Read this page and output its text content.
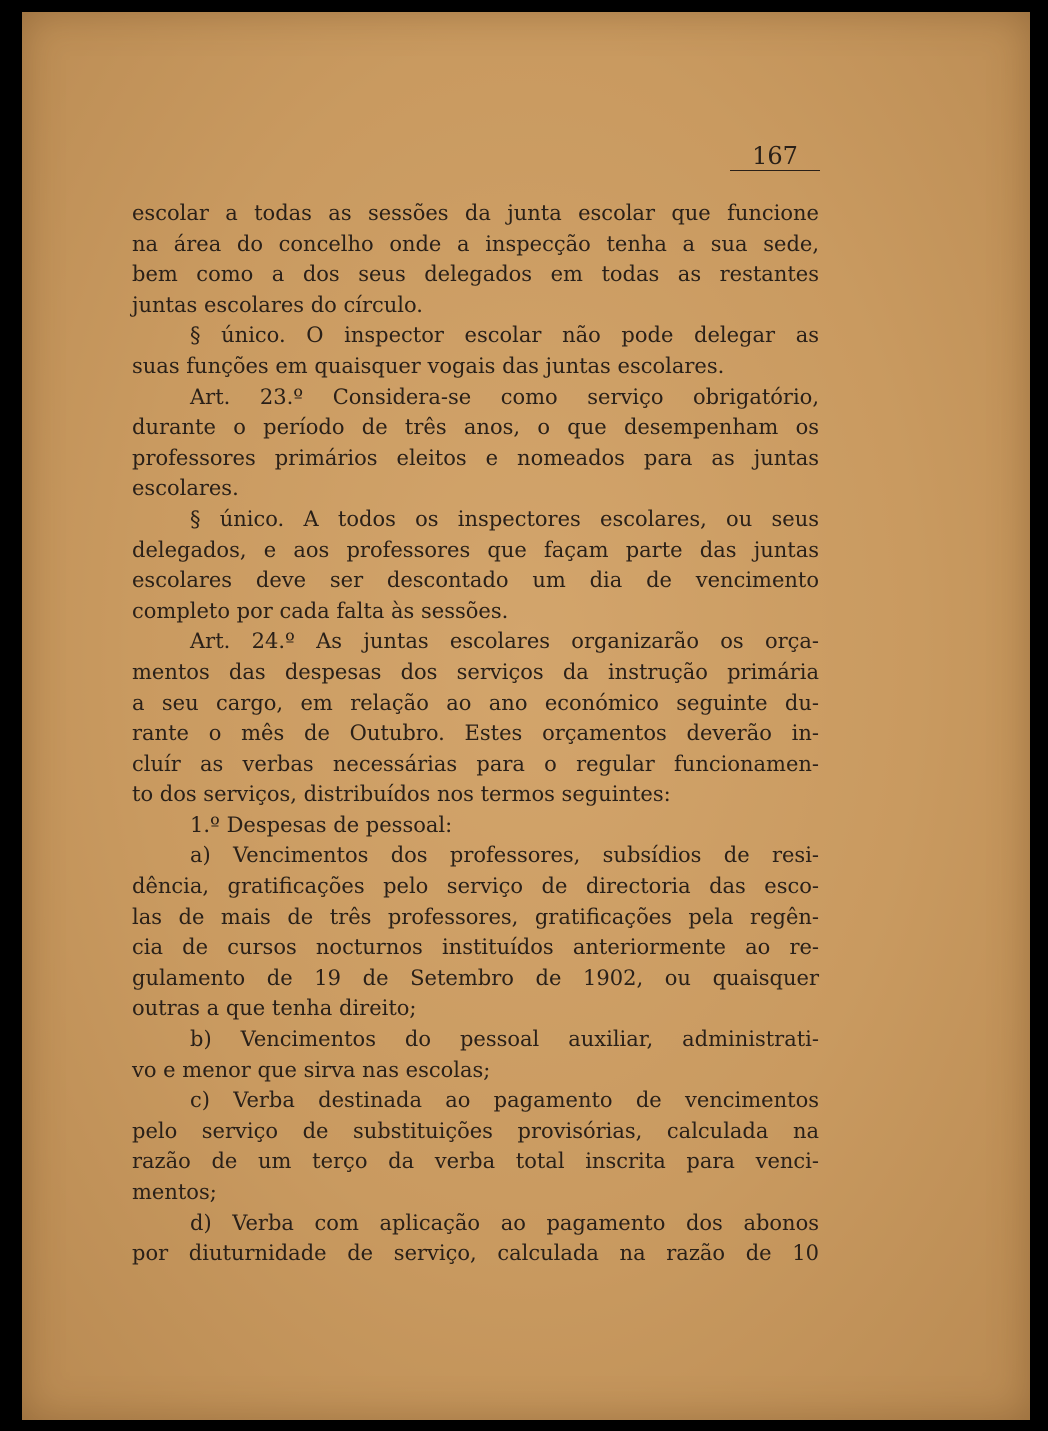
167
escolar a todas as sessões da junta escolar que funcione
na área do concelho onde a inspecção tenha a sua sede,
bem como a dos seus delegados em todas as restantes
juntas escolares do círculo.
§ único. O inspector escolar não pode delegar as
suas funções em quaisquer vogais das juntas escolares.
Art. 23.º Considera-se como serviço obrigatório,
durante o período de três anos, o que desempenham os
professores primários eleitos e nomeados para as juntas
escolares.
§ único. A todos os inspectores escolares, ou seus
delegados, e aos professores que façam parte das juntas
escolares deve ser descontado um dia de vencimento
completo por cada falta às sessões.
Art. 24.º As juntas escolares organizarão os orça-
mentos das despesas dos serviços da instrução primária
a seu cargo, em relação ao ano económico seguinte du-
rante o mês de Outubro. Estes orçamentos deverão in-
cluír as verbas necessárias para o regular funcionamen-
to dos serviços, distribuídos nos termos seguintes:
1.º Despesas de pessoal:
a) Vencimentos dos professores, subsídios de resi-
dência, gratificações pelo serviço de directoria das esco-
las de mais de três professores, gratificações pela regên-
cia de cursos nocturnos instituídos anteriormente ao re-
gulamento de 19 de Setembro de 1902, ou quaisquer
outras a que tenha direito;
b) Vencimentos do pessoal auxiliar, administrati-
vo e menor que sirva nas escolas;
c) Verba destinada ao pagamento de vencimentos
pelo serviço de substituições provisórias, calculada na
razão de um terço da verba total inscrita para venci-
mentos;
d) Verba com aplicação ao pagamento dos abonos
por diuturnidade de serviço, calculada na razão de 10
